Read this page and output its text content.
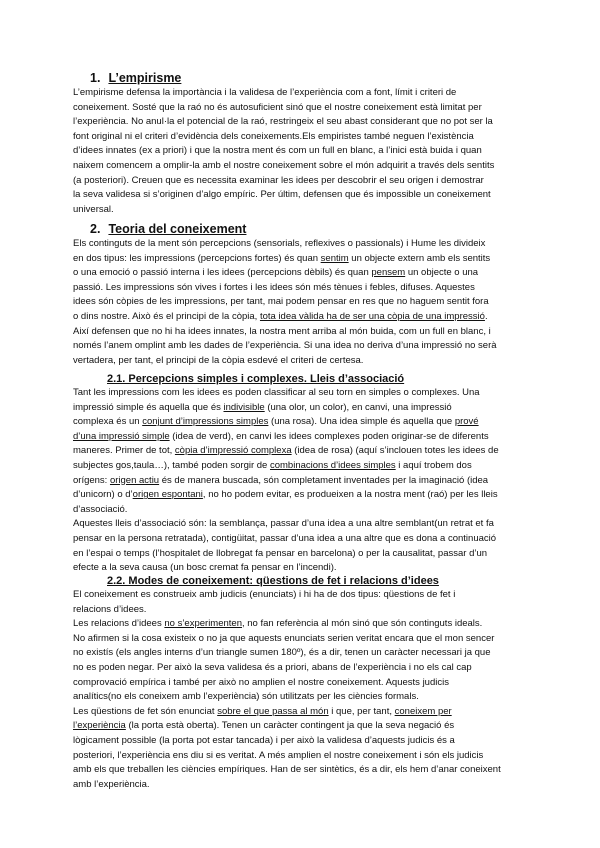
1. L’empirisme
L’empirisme defensa la importància i la validesa de l’experiència com a font, límit i criteri de
coneixement. Sosté que la raó no és autosuficient sinó que el nostre coneixement està limitat per
l’experiència. No anul·la el potencial de la raó, restringeix el seu abast considerant que no pot ser la
font original ni el criteri d’evidència dels coneixements.Els empiristes també neguen l’existència
d’idees innates (ex a priori) i que la nostra ment és com un full en blanc, a l’inici està buida i quan
naixem comencem a omplir-la amb el nostre coneixement sobre el món adquirit a través dels sentits
(a posteriori). Creuen que es necessita examinar les idees per descobrir el seu origen i demostrar
la seva validesa si s’originen d’algo empíric. Per últim, defensen que és impossible un coneixement
universal.
2. Teoria del coneixement
Els continguts de la ment són percepcions (sensorials, reflexives o passionals) i Hume les divideix
en dos tipus: les impressions (percepcions fortes) és quan sentim un objecte extern amb els sentits
o una emoció o passió interna i les idees (percepcions dèbils) és quan pensem un objecte o una
passió. Les impressions són vives i fortes i les idees són més tènues i febles, difuses. Aquestes
idees són còpies de les impressions, per tant, mai podem pensar en res que no haguem sentit fora
o dins nostre. Això és el principi de la còpia, tota idea vàlida ha de ser una còpia de una impressió.
Així defensen que no hi ha idees innates, la nostra ment arriba al món buida, com un full en blanc, i
només l’anem omplint amb les dades de l’experiència. Si una idea no deriva d’una impressió no serà
vertadera, per tant, el principi de la còpia esdevé el criteri de certesa.
2.1. Percepcions simples i complexes. Lleis d’associació
Tant les impressions com les idees es poden classificar al seu torn en simples o complexes. Una
impressió simple és aquella que és indivisible (una olor, un color), en canvi, una impressió
complexa és un conjunt d’impressions simples (una rosa). Una idea simple és aquella que prové
d’una impressió simple (idea de verd), en canvi les idees complexes poden originar-se de diferents
maneres. Primer de tot, còpia d’impressió complexa (idea de rosa) (aquí s’inclouen totes les idees de
subjectes gos,taula…), també poden sorgir de combinacions d’idees simples i aquí trobem dos
orígens: origen actiu és de manera buscada, són completament inventades per la imaginació (idea
d’unicorn) o d’origen espontani, no ho podem evitar, es produeixen a la nostra ment (raó) per les lleis
d’associació.
Aquestes lleis d’associació són: la semblança, passar d’una idea a una altre semblant(un retrat et fa
pensar en la persona retratada), contigüitat, passar d’una idea a una altre que es dona a continuació
en l’espai o temps (l’hospitalet de llobregat fa pensar en barcelona) o per la causalitat, passar d’un
efecte a la seva causa (un bosc cremat fa pensar en l’incendi).
2.2. Modes de coneixement: qüestions de fet i relacions d’idees
El coneixement es construeix amb judicis (enunciats) i hi ha de dos tipus: qüestions de fet i
relacions d’idees.
Les relacions d’idees no s’experimenten, no fan referència al món sinó que són continguts ideals.
No afirmen si la cosa existeix o no ja que aquests enunciats serien veritat encara que el mon sencer
no existís (els angles interns d’un triangle sumen 180º), és a dir, tenen un caràcter necessari ja que
no es poden negar. Per això la seva validesa és a priori, abans de l’experiència i no els cal cap
comprovació empírica i també per això no amplien el nostre coneixement. Aquests judicis
analítics(no els coneixem amb l’experiència) són utilitzats per les ciències formals.
Les qüestions de fet són enunciat sobre el que passa al món i que, per tant, coneixem per
l’experiència (la porta està oberta). Tenen un caràcter contingent ja que la seva negació és
lògicament possible (la porta pot estar tancada) i per això la validesa d’aquests judicis és a
posteriori, l’experiència ens diu si es veritat. A més amplien el nostre coneixement i són els judicis
amb els que treballen les ciències empíriques. Han de ser sintètics, és a dir, els hem d’anar coneixent
amb l’experiència.
